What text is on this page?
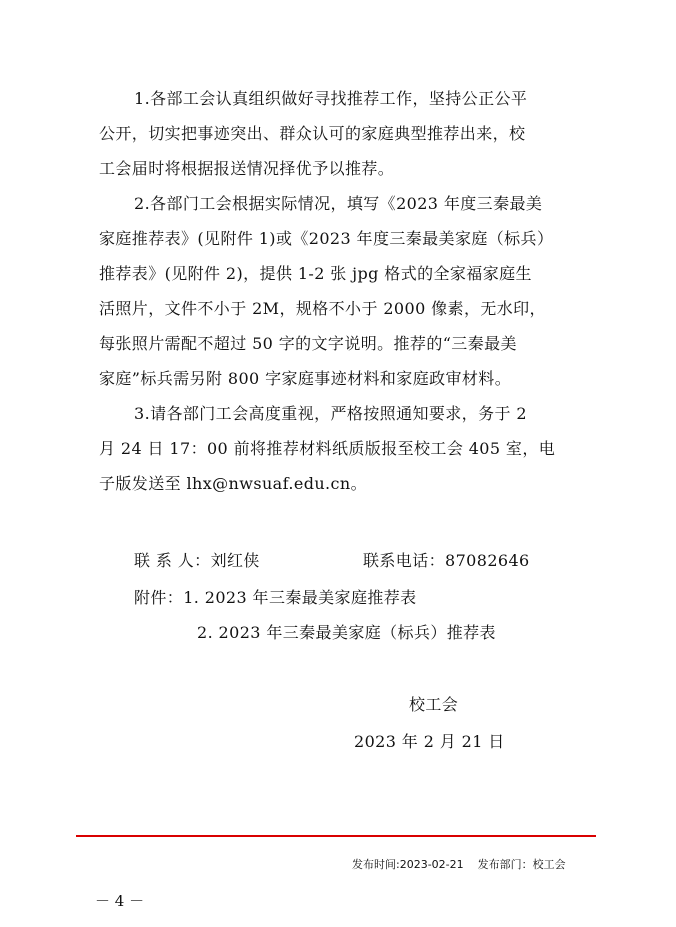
1.各部工会认真组织做好寻找推荐工作，坚持公正公平
公开，切实把事迹突出、群众认可的家庭典型推荐出来，校
工会届时将根据报送情况择优予以推荐。
2.各部门工会根据实际情况，填写《2023 年度三秦最美
家庭推荐表》(见附件 1)或《2023 年度三秦最美家庭（标兵）
推荐表》(见附件 2)，提供 1-2 张 jpg 格式的全家福家庭生
活照片，文件不小于 2M，规格不小于 2000 像素，无水印，
每张照片需配不超过 50 字的文字说明。推荐的“三秦最美
家庭”标兵需另附 800 字家庭事迹材料和家庭政审材料。
3.请各部门工会高度重视，严格按照通知要求，务于 2
月 24 日 17：00 前将推荐材料纸质版报至校工会 405 室，电
子版发送至 lhx@nwsuaf.edu.cn。
联 系 人：刘红侠	联系电话：87082646
附件：1. 2023 年三秦最美家庭推荐表
2. 2023 年三秦最美家庭（标兵）推荐表
校工会
2023 年 2 月 21 日
发布时间:2023-02-21 发布部门：校工会
－ 4 －
